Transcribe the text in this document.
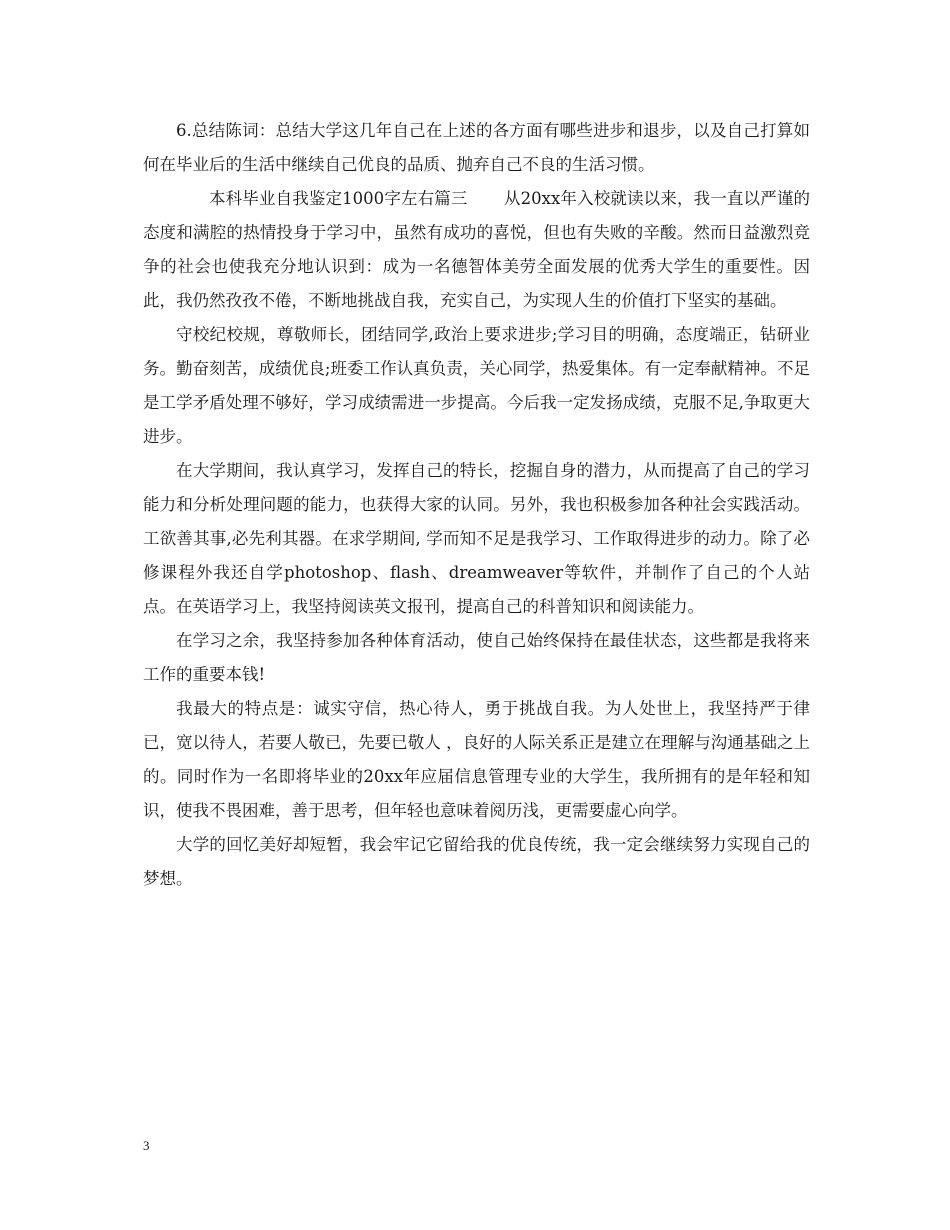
6.总结陈词：总结大学这几年自己在上述的各方面有哪些进步和退步，以及自己打算如何在毕业后的生活中继续自己优良的品质、抛弃自己不良的生活习惯。

本科毕业自我鉴定1000字左右篇三 从20xx年入校就读以来，我一直以严谨的态度和满腔的热情投身于学习中，虽然有成功的喜悦，但也有失败的辛酸。然而日益激烈竞争的社会也使我充分地认识到：成为一名德智体美劳全面发展的优秀大学生的重要性。因此，我仍然孜孜不倦，不断地挑战自我，充实自己，为实现人生的价值打下坚实的基础。

守校纪校规，尊敬师长，团结同学,政治上要求进步;学习目的明确，态度端正，钻研业务。勤奋刻苦，成绩优良;班委工作认真负责，关心同学，热爱集体。有一定奉献精神。不足是工学矛盾处理不够好，学习成绩需进一步提高。今后我一定发扬成绩，克服不足,争取更大进步。

在大学期间，我认真学习，发挥自己的特长，挖掘自身的潜力，从而提高了自己的学习能力和分析处理问题的能力，也获得大家的认同。另外，我也积极参加各种社会实践活动。工欲善其事,必先利其器。在求学期间, 学而知不足是我学习、工作取得进步的动力。除了必修课程外我还自学photoshop、flash、dreamweaver等软件，并制作了自己的个人站点。在英语学习上，我坚持阅读英文报刊，提高自己的科普知识和阅读能力。

在学习之余，我坚持参加各种体育活动，使自己始终保持在最佳状态，这些都是我将来工作的重要本钱!

我最大的特点是：诚实守信，热心待人，勇于挑战自我。为人处世上，我坚持严于律已，宽以待人，若要人敬已，先要已敬人 ，良好的人际关系正是建立在理解与沟通基础之上的。同时作为一名即将毕业的20xx年应届信息管理专业的大学生，我所拥有的是年轻和知识，使我不畏困难，善于思考，但年轻也意味着阅历浅，更需要虚心向学。

大学的回忆美好却短暂，我会牢记它留给我的优良传统，我一定会继续努力实现自己的梦想。

3
